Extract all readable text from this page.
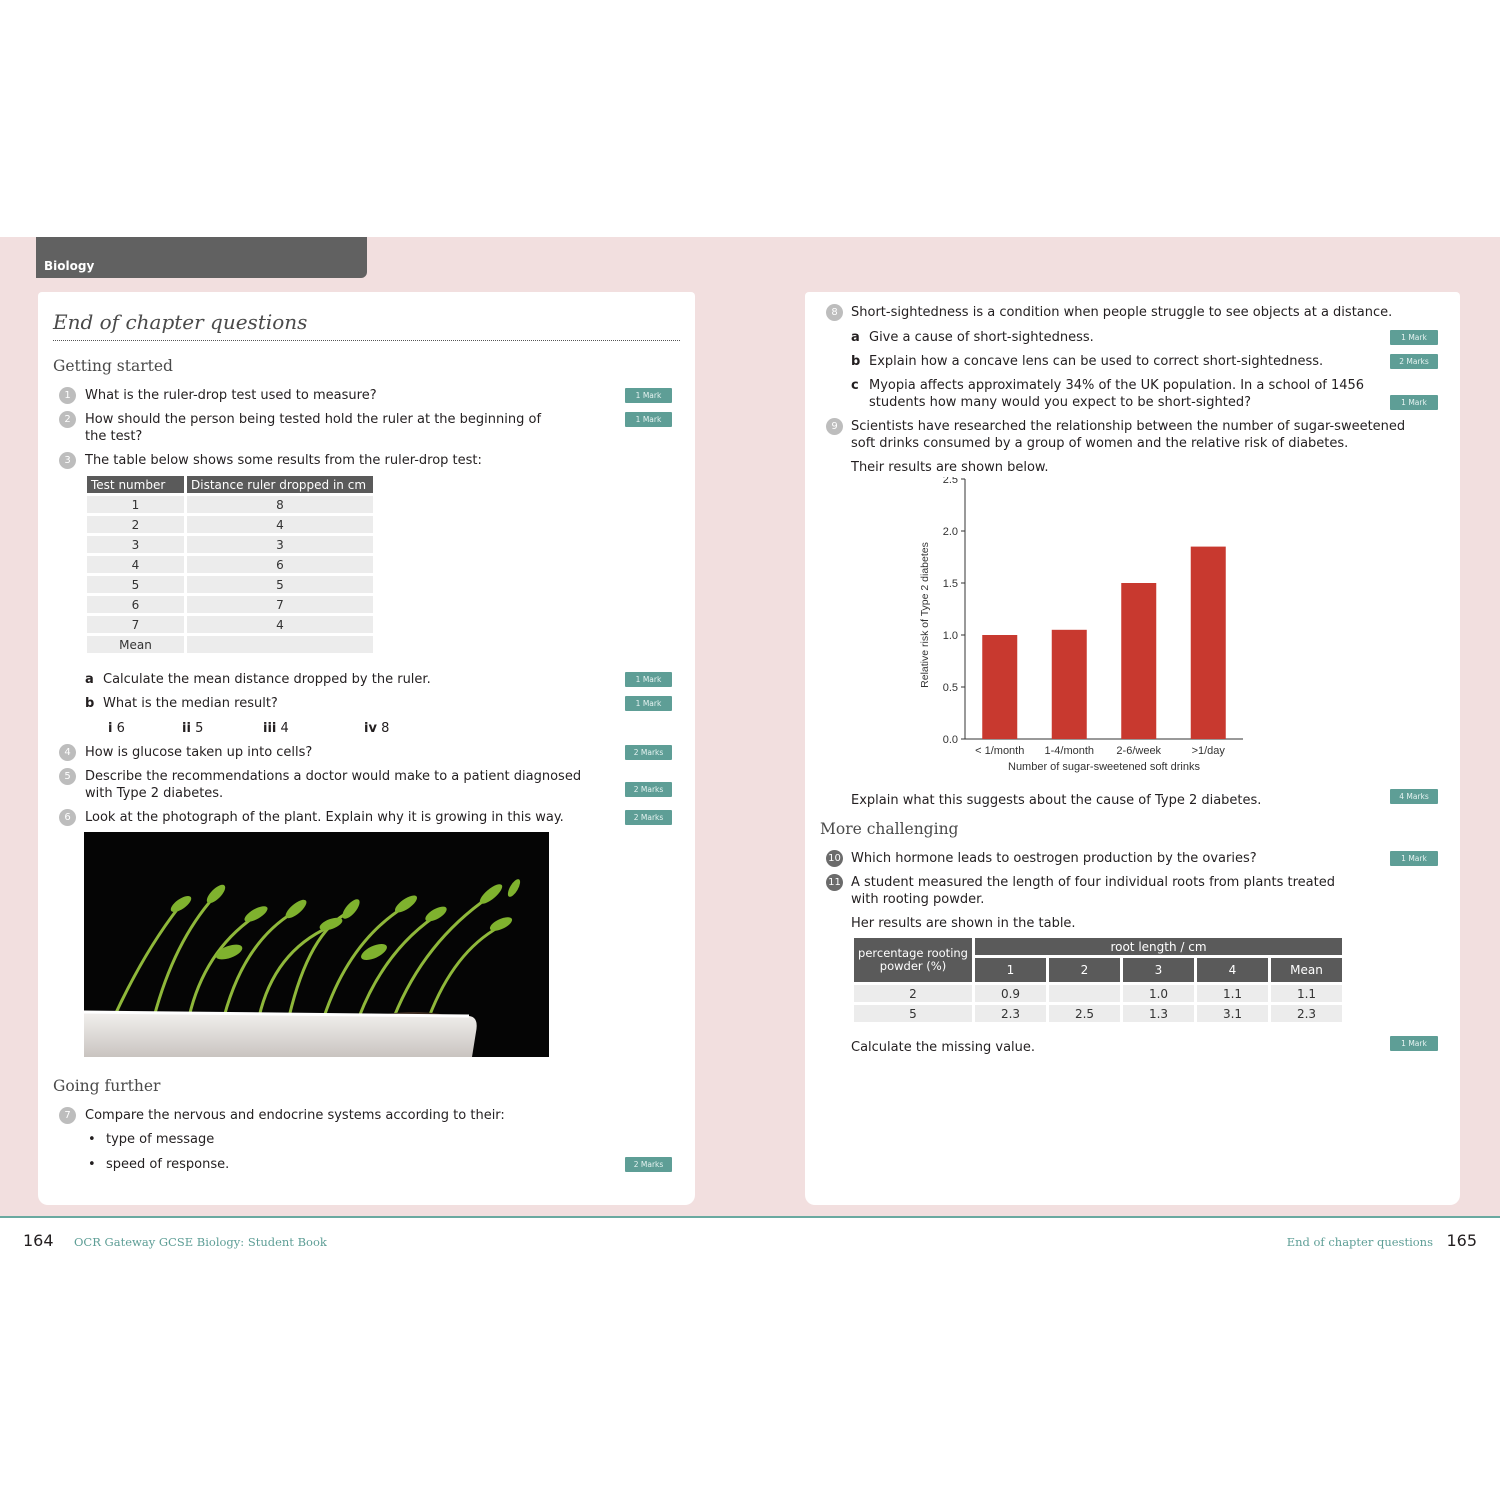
Biology
End of chapter questions
Getting started
1	What is the ruler-drop test used to measure?	1 Mark
2	How should the person being tested hold the ruler at the beginning of
the test?
1 Mark
3	The table below shows some results from the ruler-drop test:
Test number	Distance ruler dropped in cm
1	8
2	4
3	3
4	6
5	5
6	7
7	4
Mean	
a Calculate the mean distance dropped by the ruler.	1 Mark
b What is the median result?	1 Mark
i 6	ii 5	iii 4	iv 8
4	How is glucose taken up into cells?	2 Marks
5	Describe the recommendations a doctor would make to a patient diagnosed
with Type 2 diabetes.	2 Marks
6	Look at the photograph of the plant. Explain why it is growing in this way.	2 Marks
Going further
7	Compare the nervous and endocrine systems according to their:
• type of message
• speed of response.	2 Marks
8	Short-sightedness is a condition when people struggle to see objects at a distance.
a Give a cause of short-sightedness.	1 Mark
b Explain how a concave lens can be used to correct short-sightedness.	2 Marks
c Myopia affects approximately 34% of the UK population. In a school of 1456
students how many would you expect to be short-sighted?	1 Mark
9	Scientists have researched the relationship between the number of sugar-sweetened
soft drinks consumed by a group of women and the relative risk of diabetes.
Their results are shown below.
0.0
0.5
1.0
1.5
2.0
2.5
< 1/month 1-4/month 2-6/week	>1/day
Number of sugar-sweetened soft drinks
Relative risk of Type 2 diabetes
Explain what this suggests about the cause of Type 2 diabetes.	4 Marks
More challenging
10 Which hormone leads to oestrogen production by the ovaries?	1 Mark
11 A student measured the length of four individual roots from plants treated
with rooting powder.
Her results are shown in the table.
percentage rooting powder (%)	root length / cm				
	1	2	3	4	Mean
2	0.9		1.0	1.1	1.1
5	2.3	2.5	1.3	3.1	2.3
Calculate the missing value.	1 Mark
164 OCR Gateway GCSE Biology: Student Book	End of chapter questions 165
